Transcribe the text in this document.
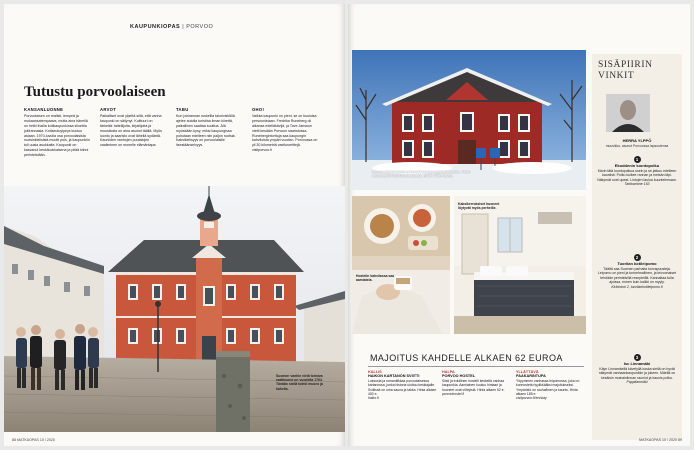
KAUPUNKIOPAS | PORVOO
Tutustu porvoolaiseen
KANSANLUONNE

Porvoolaisen on realisti, lempeä ja mukaansatempaava, mutta aina hänellä on hetki ihailla kotikaupunkinsa siluettia jokirannasta. Kotiseutuylpeys kuuluu asiaan. 1970-luvulla osa porvoolaisista ruotsinkielisistä muutti pois, ja kaupunkiin tuli uusia asukkaita. Kaupunki on kasvanut keskiluokkaisena ja pitää kiinni perinteistään.

ARVOT

Paikalliset ovat ylpeitä siitä, että vanha kaupunki on säilynyt. Kulttuuri on tärkeää: taiteilijoita, kirjailijoita ja muusikoita on aina asunut täällä. Myös luonto ja saaristo ovat lähellä sydäntä. Kauniiden vanhojen puutalojen vaaliminen on monelle elämäntapa.

TABU

Kun jokirannan ruskeilla talorivistöillä ajelee autolla turistina ilman kiirettä, paikallinen saattaa suuttua. Älä myöskään kysy, miksi kaupungissa puhutaan edelleen niin paljon ruotsia. Kaksikielisyys on porvoolaisille itsestäänselvyys.

OHO!

Vaikka kaupunki on pieni, se on kuuluisa persoonistaan. Fredrika Runeberg oli aikansa edelläkävijä, ja Tove Jansson vietti kesiään Porvoon saaristossa. Runebergintorttuja saa kaupungin kahviloista ympäri vuoden. Porvoossa on yli 30 kilometriä vaellusreittejä. visitporvoo.fi

Suomen vanhin vielä toimiva raatihuone on vuodelta 1764. Tänään siellä toimii museo ja kahvila.
88 MATKAOPAS 10 / 2020
Porvoo Hostel toimii entisessä kauppaoppilaitoksessa. Talon rakennettiin 1900-luvun alussa. Kuva: Alfa Porvoo
Hostelin kahvilassa saa aamiaista.
Kaksikerroksiset huoneet löytyvät myös perheille.
SISÄPIIRIN VINKIT
HERRA YLPPÖ
muusikko, asunut Porvoossa lapsuutensa
1
Ekoddenin luontopolku
Kävin tätä luontopolkua usein ja se jatkuu edelleen kauniisti. Polku kulkee rannan ja metsän läpi. Näkymät ovat upeat. Lintujen laulua kuuntelemaan.
Tarkkarinne 153
2
Tuorilan kotileipomo
Täältä saa Suomen parhaita korvapuusteja. Leipomo on pieni ja tunnelmallinen, ja leivonnaiset tehdään perinteisillä resepteillä. Kannattaa tulla ajoissa, ennen kuin kaikki on myyty.
Kirkkotori 2, tuorilankotileipomo.fi
3
Isc Linnamäki
Käyn Linnamäellä kävelyllä koska siellä on hyvät näkymät vanhaankaupunkiin ja jokeen. Mäellä on kesäisin muinaislinnan rauniot ja kaunis polku.
Pappilanmäki
MAJOITUS KAHDELLE ALKAEN 62 EUROA
KALLIS
HAIKON KARTANON SVIITTI
Luksusta ja romantiikkaa porvoolaisessa kartanossa, jonka historia ulottuu keskiajalle. Sviitissä on oma sauna ja takka. Hinta alkaen 400 e.
haiko.fi
HALPA
PORVOO HOSTEL
Siisti ja edullinen hostelli keskellä vanhaa kaupunkia. Aamiainen kuuluu hintaan ja huoneet ovat viihtyisiä. Hinta alkaen 62 e.
porvoohostel.fi
YLLÄTTÄVÄ
PAAKARINTUPA
Yöpyminen vanhassa leipomossa, joka on kunnostettu tyylikkääksi majoitukseksi. Ympäristö on rauhallinen ja kaunis. Hinta alkaen 185 e.
visitporvoo.fi/en/stay
MATKAOPAS 10 / 2020 89
